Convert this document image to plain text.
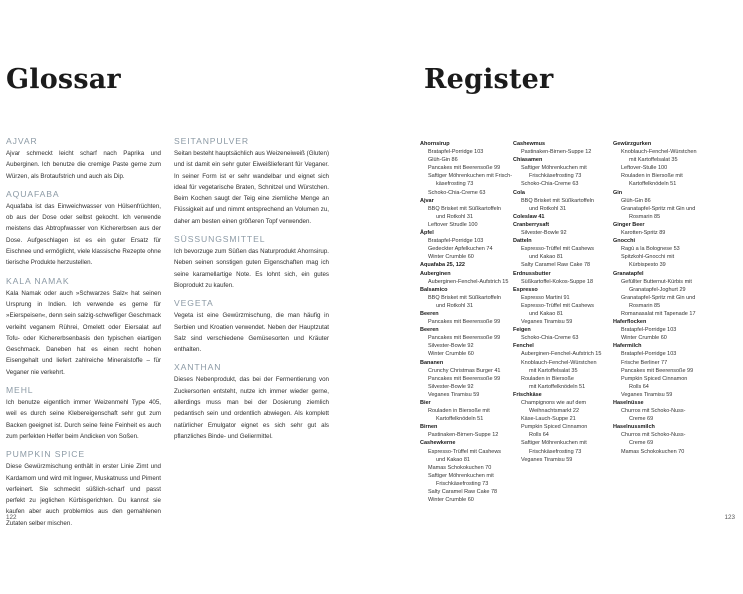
Glossar
AJVAR
Ajvar schmeckt leicht scharf nach Paprika und Auberginen. Ich benutze die cremige Paste gerne zum Würzen, als Brotaufstrich und auch als Dip.
AQUAFABA
Aquafaba ist das Einweichwasser von Hülsenfrüchten, ob aus der Dose oder selbst gekocht. Ich verwende meistens das Abtropfwasser von Kichererbsen aus der Dose. Aufgeschlagen ist es ein guter Ersatz für Eischnee und ermöglicht, viele klassische Rezepte ohne tierische Produkte herzustellen.
KALA NAMAK
Kala Namak oder auch »Schwarzes Salz« hat seinen Ursprung in Indien. Ich verwende es gerne für »Eierspeisen«, denn sein salzig-schwefliger Geschmack verleiht veganem Rührei, Omelett oder Eiersalat auf Tofu- oder Kichererbsenbasis den typischen eiartigen Geschmack. Daneben hat es einen recht hohen Eisengehalt und liefert zahlreiche Mineralstoffe – für Veganer nie verkehrt.
MEHL
Ich benutze eigentlich immer Weizenmehl Type 405, weil es durch seine Klebereigenschaft sehr gut zum Backen geeignet ist. Durch seine feine Feinheit es auch zum perfekten Helfer beim Andicken von Soßen.
PUMPKIN SPICE
Diese Gewürzmischung enthält in erster Linie Zimt und Kardamom und wird mit Ingwer, Muskatnuss und Piment verfeinert. Sie schmeckt süßlich-scharf und passt perfekt zu jeglichen Kürbisgerichten. Du kannst sie kaufen aber auch problemlos aus den gemahlenen Zutaten selber mischen.
SEITANPULVER
Seitan besteht hauptsächlich aus Weizeneiweiß (Gluten) und ist damit ein sehr guter Eiweißlieferant für Veganer. In seiner Form ist er sehr wandelbar und eignet sich ideal für vegetarische Braten, Schnitzel und Würstchen. Beim Kochen saugt der Teig eine ziemliche Menge an Flüssigkeit auf und nimmt entsprechend an Volumen zu, daher am besten einen größeren Topf verwenden.
SÜSSUNGSMITTEL
Ich bevorzuge zum Süßen das Naturprodukt Ahornsirup. Neben seinen sonstigen guten Eigenschaften mag ich seine karamellartige Note. Es lohnt sich, ein gutes Bioprodukt zu kaufen.
VEGETA
Vegeta ist eine Gewürzmischung, die man häufig in Serbien und Kroatien verwendet. Neben der Hauptzutat Salz sind verschiedene Gemüsesorten und Kräuter enthalten.
XANTHAN
Dieses Nebenprodukt, das bei der Fermentierung von Zuckersorten entsteht, nutze ich immer wieder gerne, allerdings muss man bei der Dosierung ziemlich pedantisch sein und ordentlich abwiegen. Als komplett natürlicher Emulgator eignet es sich sehr gut als pflanzliches Binde- und Geliermittel.
122
Register
Ahornsirup
Bratapfel-Porridge 103
Glüh-Gin 86
Pancakes mit Beerensoße 99
Saftiger Möhrenkuchen mit Frisch-
käsefrosting 73
Schoko-Chia-Creme 63
Ajvar
BBQ Brisket mit Süßkartoffeln
und Rotkohl 31
Leftover Strudle 100
Äpfel
Bratapfel-Porridge 103
Gedeckter Apfelkuchen 74
Winter Crumble 60
Aquafaba 25, 122
Auberginen
Auberginen-Fenchel-Aufstrich 15
Balsamico
BBQ Brisket mit Süßkartoffeln
und Rotkohl 31
Beeren
Pancakes mit Beerensoße 99
Beeren
Pancakes mit Beerensoße 99
Silvester-Bowle 92
Winter Crumble 60
Bananen
Crunchy Christmas Burger 41
Pancakes mit Beerensoße 99
Silvester-Bowle 92
Veganes Tiramisu 59
Bier
Rouladen in Biersoße mit
Kartoffelknödeln 51
Birnen
Pastinaken-Birnen-Suppe 12
Cashewkerne
Espresso-Trüffel mit Cashews
und Kakao 81
Mamas Schokokuchen 70
Saftiger Möhrenkuchen mit
Frischkäsefrosting 73
Salty Caramel Raw Cake 78
Winter Crumble 60
Cashewmus
Pastinaken-Birnen-Suppe 12
Chiasamen
Saftiger Möhrenkuchen mit
Frischkäsefrosting 73
Schoko-Chia-Creme 63
Cola
BBQ Brisket mit Süßkartoffeln
und Rotkohl 31
Coleslaw 41
Cranberrysaft
Silvester-Bowle 92
Datteln
Espresso-Trüffel mit Cashews
und Kakao 81
Salty Caramel Raw Cake 78
Erdnussbutter
Süßkartoffel-Kokos-Suppe 18
Espresso
Espresso Martini 91
Espresso-Trüffel mit Cashews
und Kakao 81
Veganes Tiramisu 59
Feigen
Schoko-Chia-Creme 63
Fenchel
Auberginen-Fenchel-Aufstrich 15
Knoblauch-Fenchel-Würstchen
mit Kartoffelsalat 35
Rouladen in Biersoße
mit Kartoffelknödeln 51
Frischkäse
Champignons wie auf dem
Weihnachtsmarkt 22
Käse-Lauch-Suppe 21
Pumpkin Spiced Cinnamon
Rolls 64
Saftiger Möhrenkuchen mit
Frischkäsefrosting 73
Veganes Tiramisu 59
Gewürzgurken
Knoblauch-Fenchel-Würstchen
mit Kartoffelsalat 35
Leftover-Stulle 100
Rouladen in Biersoße mit
Kartoffelknödeln 51
Gin
Glüh-Gin 86
Granatapfel-Spritz mit Gin und
Rosmarin 85
Ginger Beer
Karotten-Spritz 89
Gnocchi
Ragù a la Bolognese 53
Spitzkohl-Gnocchi mit
Kürbispesto 39
Granatapfel
Gefüllter Butternut-Kürbis mit
Granatapfel-Joghurt 29
Granatapfel-Spritz mit Gin und
Rosmarin 85
Romanasalat mit Tapenade 17
Haferflocken
Bratapfel-Porridge 103
Winter Crumble 60
Hafermilch
Bratapfel-Porridge 103
Frische Berliner 77
Pancakes mit Beerensoße 99
Pumpkin Spiced Cinnamon
Rolls 64
Veganes Tiramisu 59
Haselnüsse
Churros mit Schoko-Nuss-
Creme 69
Haselnussmilch
Churros mit Schoko-Nuss-
Creme 69
Mamas Schokokuchen 70
123
